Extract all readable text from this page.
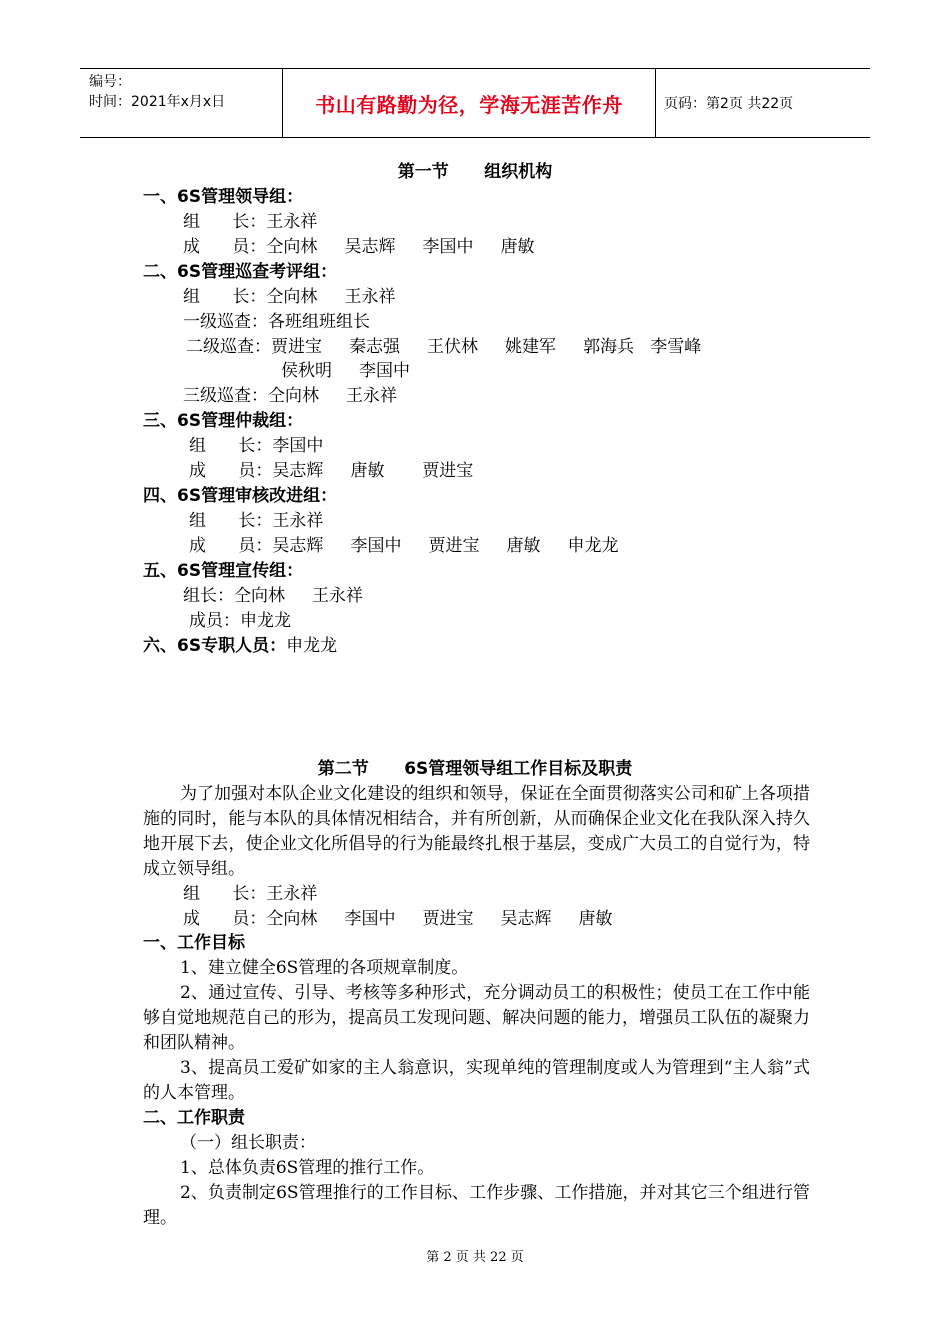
编号：
时间：2021年x月x日	书山有路勤为径，学海无涯苦作舟	页码：第2页 共22页
第一节      组织机构
一、6S管理领导组：
组      长：王永祥
成      员：仝向林     吴志辉     李国中     唐敏
二、6S管理巡查考评组：
组      长：仝向林     王永祥
一级巡查：各班组班组长
二级巡查：贾进宝     秦志强     王伏林     姚建军     郭海兵   李雪峰
侯秋明     李国中
三级巡查：仝向林     王永祥
三、6S管理仲裁组：
组      长：李国中
成      员：吴志辉     唐敏       贾进宝
四、6S管理审核改进组：
组      长：王永祥
成      员：吴志辉     李国中     贾进宝     唐敏     申龙龙
五、6S管理宣传组：
组长：仝向林     王永祥
成员：申龙龙
六、6S专职人员：申龙龙
第二节      6S管理领导组工作目标及职责
为了加强对本队企业文化建设的组织和领导，保证在全面贯彻落实公司和矿上各项措施的同时，能与本队的具体情况相结合，并有所创新，从而确保企业文化在我队深入持久地开展下去，使企业文化所倡导的行为能最终扎根于基层，变成广大员工的自觉行为，特成立领导组。
组      长：王永祥
成      员：仝向林     李国中     贾进宝     吴志辉     唐敏
一、工作目标
1、建立健全6S管理的各项规章制度。
2、通过宣传、引导、考核等多种形式，充分调动员工的积极性；使员工在工作中能够自觉地规范自己的形为，提高员工发现问题、解决问题的能力，增强员工队伍的凝聚力和团队精神。
3、提高员工爱矿如家的主人翁意识，实现单纯的管理制度或人为管理到“主人翁”式的人本管理。
二、工作职责
（一）组长职责：
1、总体负责6S管理的推行工作。
2、负责制定6S管理推行的工作目标、工作步骤、工作措施，并对其它三个组进行管理。
第 2 页 共 22 页
